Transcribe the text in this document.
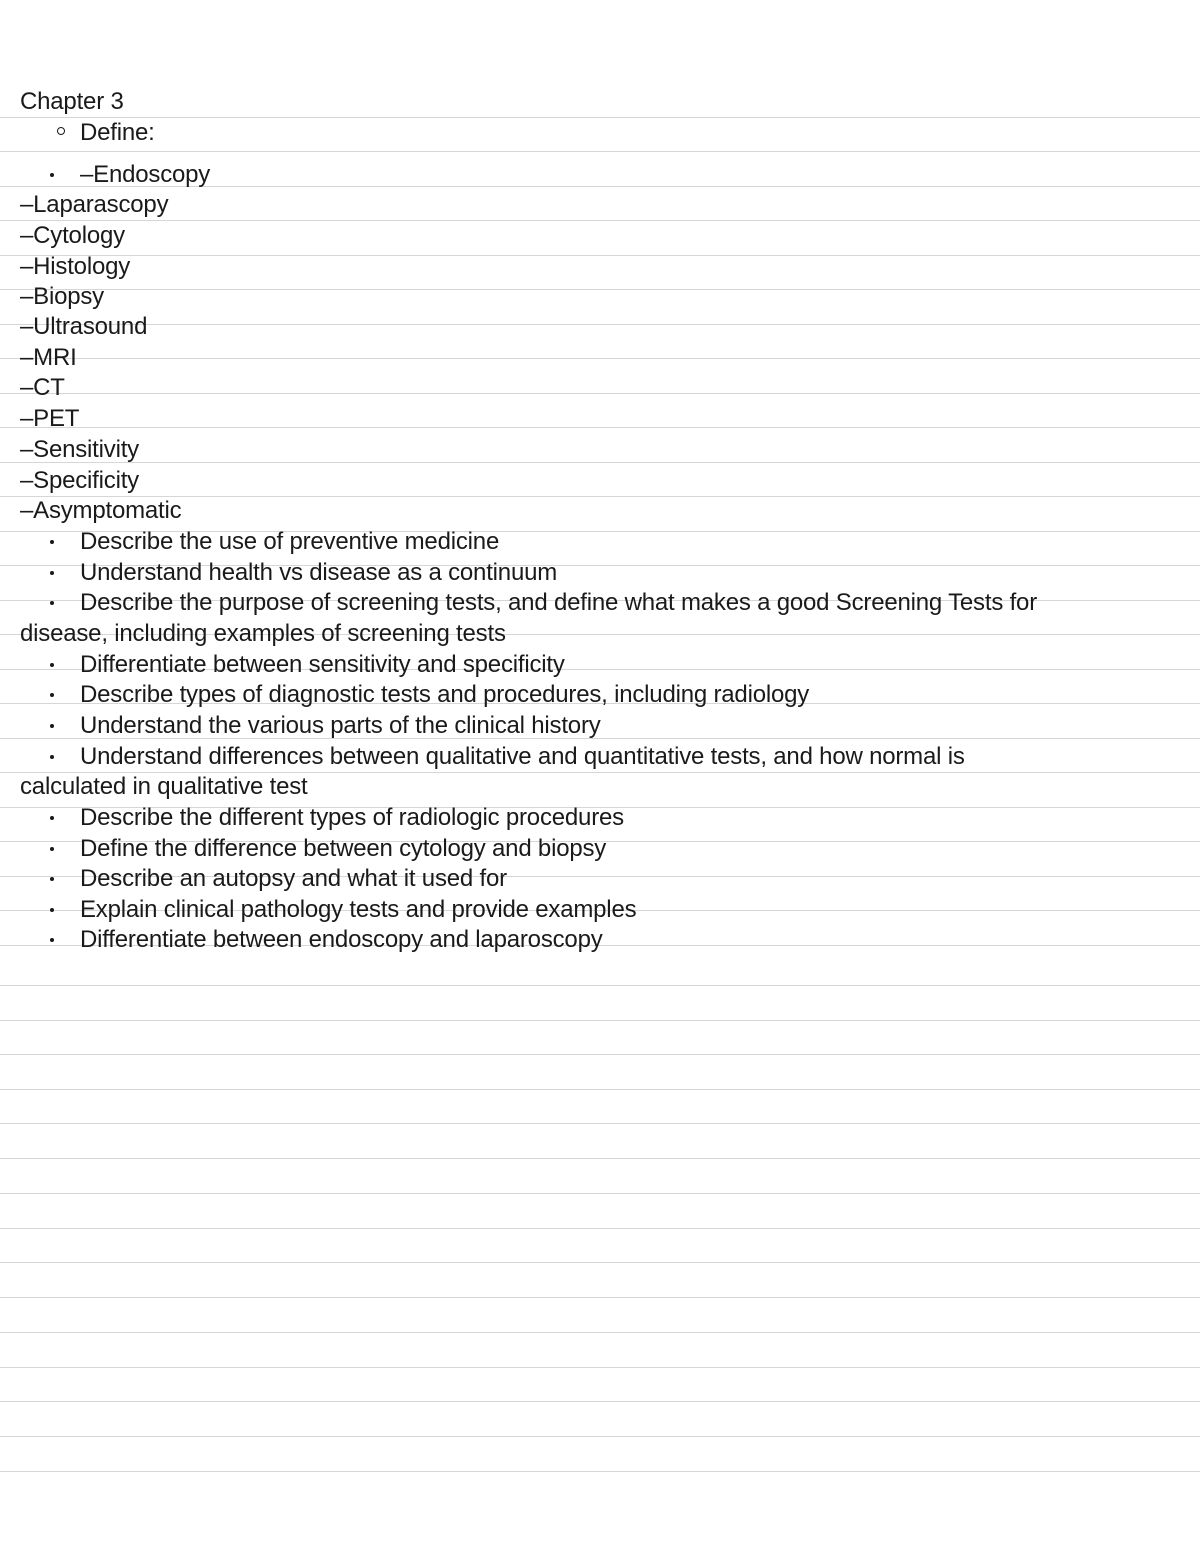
Chapter 3
Define:
–Endoscopy
–Laparascopy
–Cytology
–Histology
–Biopsy
–Ultrasound
–MRI
–CT
–PET
–Sensitivity
–Specificity
–Asymptomatic
Describe the use of preventive medicine
Understand health vs disease as a continuum
Describe the purpose of screening tests, and define what makes a good Screening Tests for
disease, including examples of screening tests
Differentiate between sensitivity and specificity
Describe types of diagnostic tests and procedures, including radiology
Understand the various parts of the clinical history
Understand differences between qualitative and quantitative tests, and how normal is
calculated in qualitative test
Describe the different types of radiologic procedures
Define the difference between cytology and biopsy
Describe an autopsy and what it used for
Explain clinical pathology tests and provide examples
Differentiate between endoscopy and laparoscopy
